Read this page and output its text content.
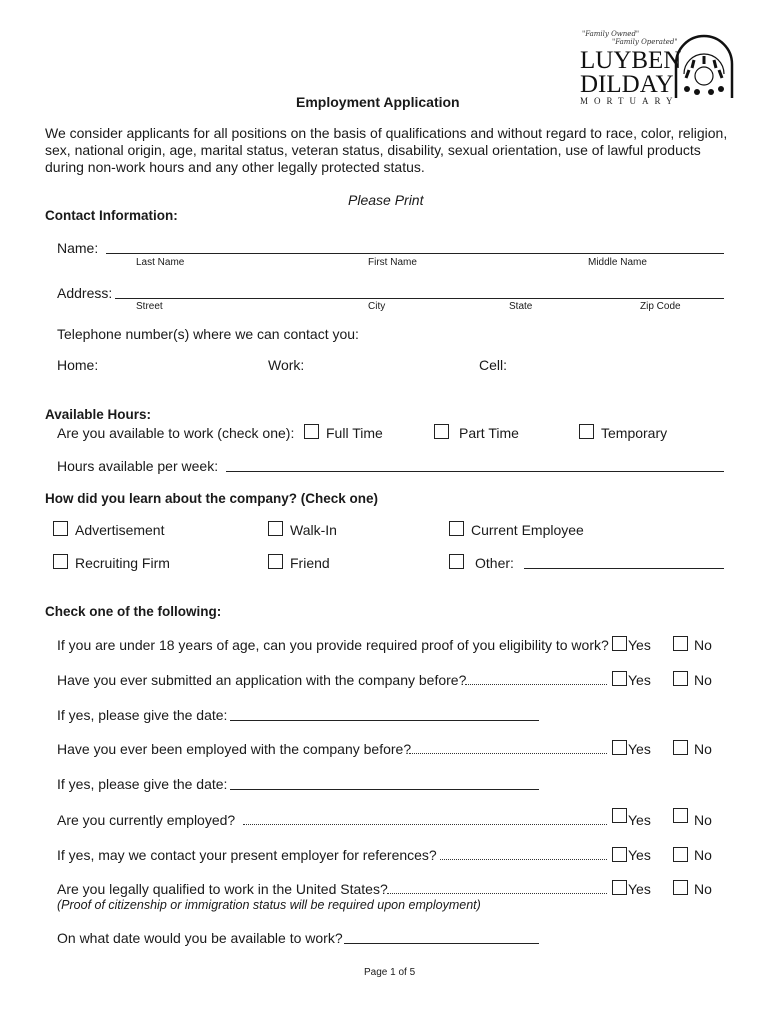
"Family Owned"
"Family Operated"
LUYBEN
DILDAY
MORTUARY
Employment Application
We consider applicants for all positions on the basis of qualifications and without regard to race, color, religion,
sex, national origin, age, marital status, veteran status, disability, sexual orientation, use of lawful products
during non-work hours and any other legally protected status.
Please Print
Contact Information:
Name:
Last Name	First Name	Middle Name
Address:
Street	City	State	Zip Code
Telephone number(s) where we can contact you:
Home:	Work:	Cell:
Available Hours:
Are you available to work (check one): Full Time	Part Time	Temporary
Hours available per week:
How did you learn about the company? (Check one)
Advertisement	Walk-In	Current Employee
Recruiting Firm	Friend	Other:
Check one of the following:
If you are under 18 years of age, can you provide required proof of you eligibility to work? Yes	No
Have you ever submitted an application with the company before?	Yes	No
If yes, please give the date:
Have you ever been employed with the company before?	Yes	No
If yes, please give the date:
Are you currently employed?	Yes	No
If yes, may we contact your present employer for references?	Yes	No
Are you legally qualified to work in the United States?	Yes	No
(Proof of citizenship or immigration status will be required upon employment)
On what date would you be available to work?
Page 1 of 5
